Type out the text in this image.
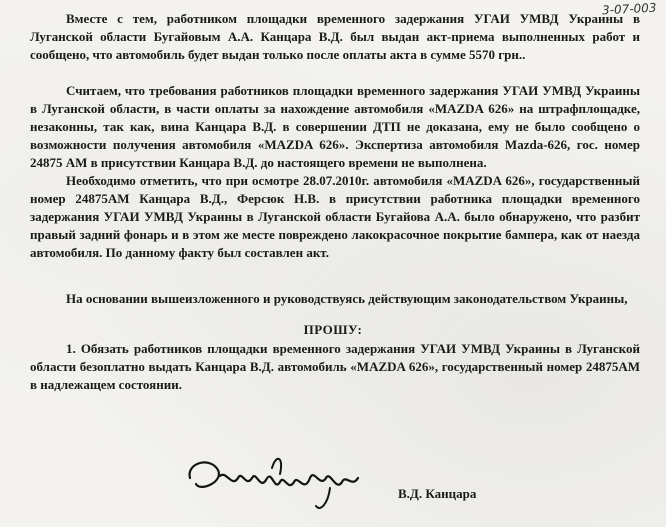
3-07-003
Вместе с тем, работником площадки временного задержания УГАИ УМВД Украины в Луганской области Бугайовым А.А. Канцара В.Д. был выдан акт-приема выполненных работ и сообщено, что автомобиль будет выдан только после оплаты акта в сумме 5570 грн..
Считаем, что требования работников площадки временного задержания УГАИ УМВД Украины в Луганской области, в части оплаты за нахождение автомобиля «MAZDA 626» на штрафплощадке, незаконны, так как, вина Канцара В.Д. в совершении ДТП не доказана, ему не было сообщено о возможности получения автомобиля «MAZDA 626». Экспертиза автомобиля Mazda-626, гос. номер 24875 АМ в присутствии Канцара В.Д. до настоящего времени не выполнена.
Необходимо отметить, что при осмотре 28.07.2010г. автомобиля «MAZDA 626», государственный номер 24875АМ Канцара В.Д., Ферсюк Н.В. в присутствии работника площадки временного задержания УГАИ УМВД Украины в Луганской области Бугайова А.А. было обнаружено, что разбит правый задний фонарь и в этом же месте повреждено лакокрасочное покрытие бампера, как от наезда автомобиля. По данному факту был составлен акт.
На основании вышеизложенного и руководствуясь действующим законодательством Украины,
ПРОШУ:
1. Обязать работников площадки временного задержания УГАИ УМВД Украины в Луганской области безоплатно выдать Канцара В.Д. автомобиль «MAZDA 626», государственный номер 24875АМ в надлежащем состоянии.
В.Д. Канцара
